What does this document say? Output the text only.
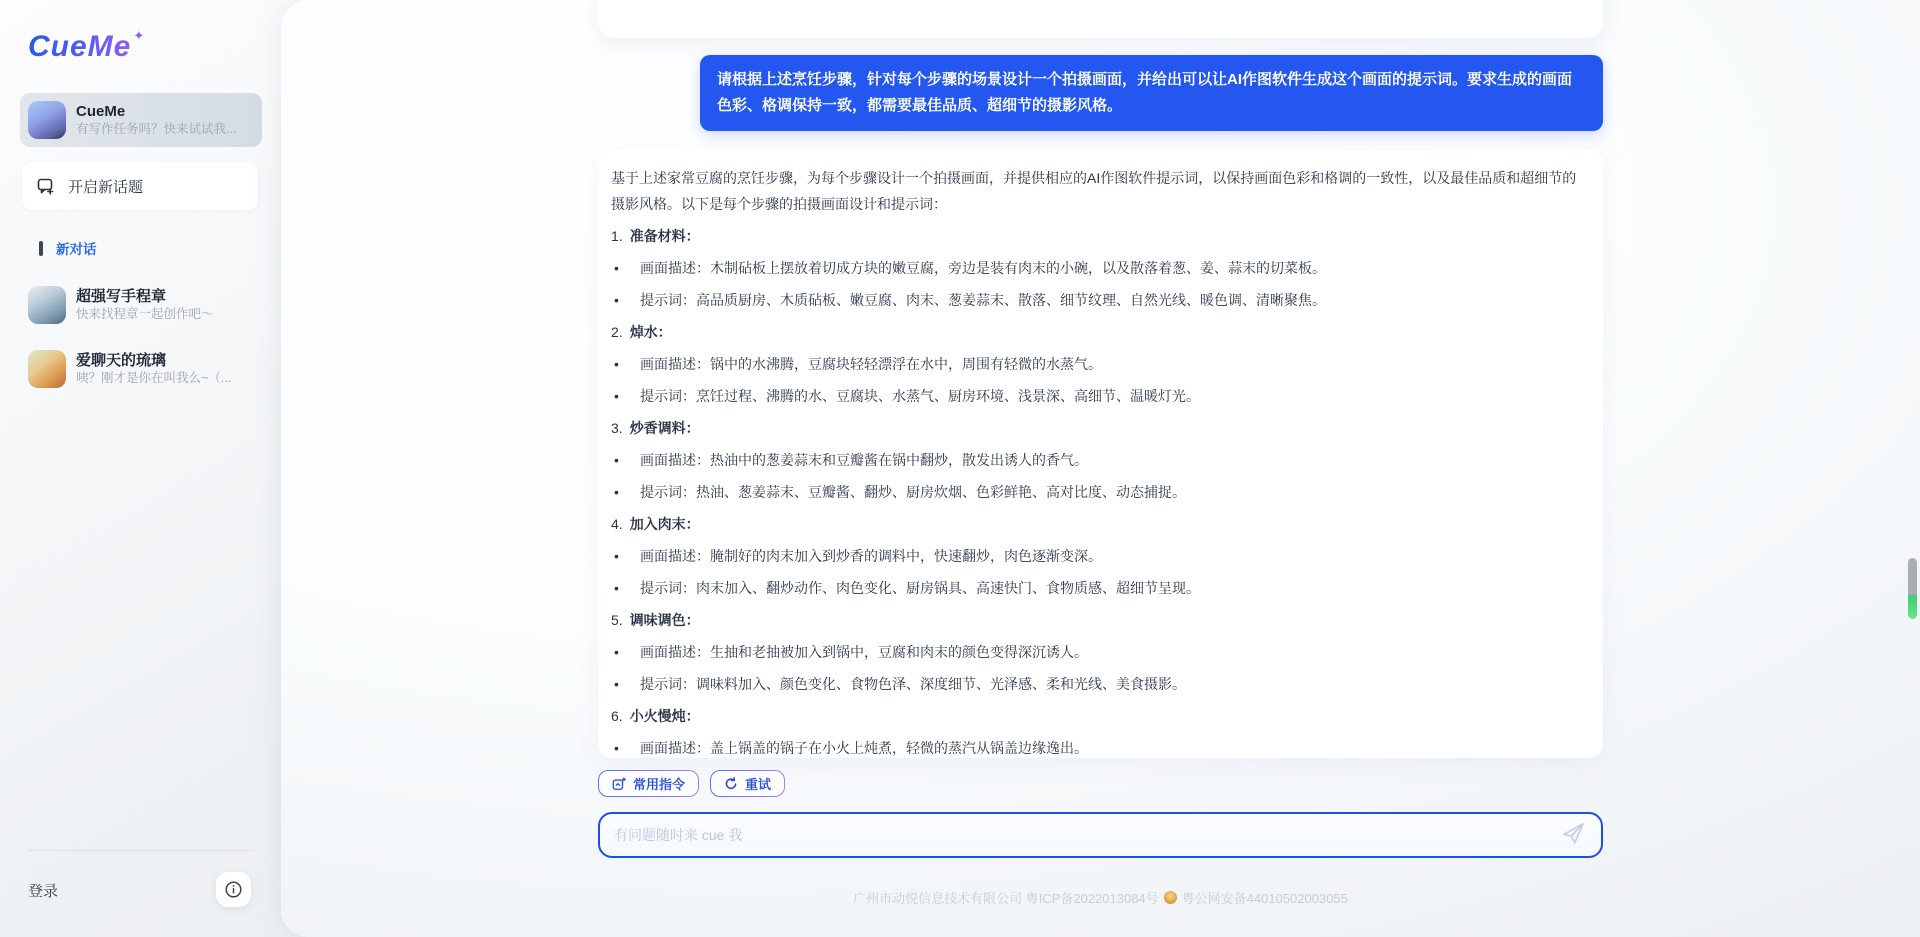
CueMe ✦
CueMe
有写作任务吗？快来试试我...
开启新话题
新对话
超强写手程章
快来找程章一起创作吧～
爱聊天的琉璃
咦？刚才是你在叫我么~（...
登录
请根据上述烹饪步骤，针对每个步骤的场景设计一个拍摄画面，并给出可以让AI作图软件生成这个画面的提示词。要求生成的画面色彩、格调保持一致，都需要最佳品质、超细节的摄影风格。

基于上述家常豆腐的烹饪步骤，为每个步骤设计一个拍摄画面，并提供相应的AI作图软件提示词，以保持画面色彩和格调的一致性，以及最佳品质和超细节的摄影风格。以下是每个步骤的拍摄画面设计和提示词：

1. 准备材料：

• 画面描述：木制砧板上摆放着切成方块的嫩豆腐，旁边是装有肉末的小碗，以及散落着葱、姜、蒜末的切菜板。

• 提示词：高品质厨房、木质砧板、嫩豆腐、肉末、葱姜蒜末、散落、细节纹理、自然光线、暖色调、清晰聚焦。

2. 焯水：

• 画面描述：锅中的水沸腾，豆腐块轻轻漂浮在水中，周围有轻微的水蒸气。

• 提示词：烹饪过程、沸腾的水、豆腐块、水蒸气、厨房环境、浅景深、高细节、温暖灯光。

3. 炒香调料：

• 画面描述：热油中的葱姜蒜末和豆瓣酱在锅中翻炒，散发出诱人的香气。

• 提示词：热油、葱姜蒜末、豆瓣酱、翻炒、厨房炊烟、色彩鲜艳、高对比度、动态捕捉。

4. 加入肉末：

• 画面描述：腌制好的肉末加入到炒香的调料中，快速翻炒，肉色逐渐变深。

• 提示词：肉末加入、翻炒动作、肉色变化、厨房锅具、高速快门、食物质感、超细节呈现。

5. 调味调色：

• 画面描述：生抽和老抽被加入到锅中，豆腐和肉末的颜色变得深沉诱人。

• 提示词：调味料加入、颜色变化、食物色泽、深度细节、光泽感、柔和光线、美食摄影。

6. 小火慢炖：

• 画面描述：盖上锅盖的锅子在小火上炖煮，轻微的蒸汽从锅盖边缘逸出。

常用指令	重试
有问题随时来 cue 我
广州市动悦信息技术有限公司 粤ICP备2022013084号 粤公网安备44010502003055
